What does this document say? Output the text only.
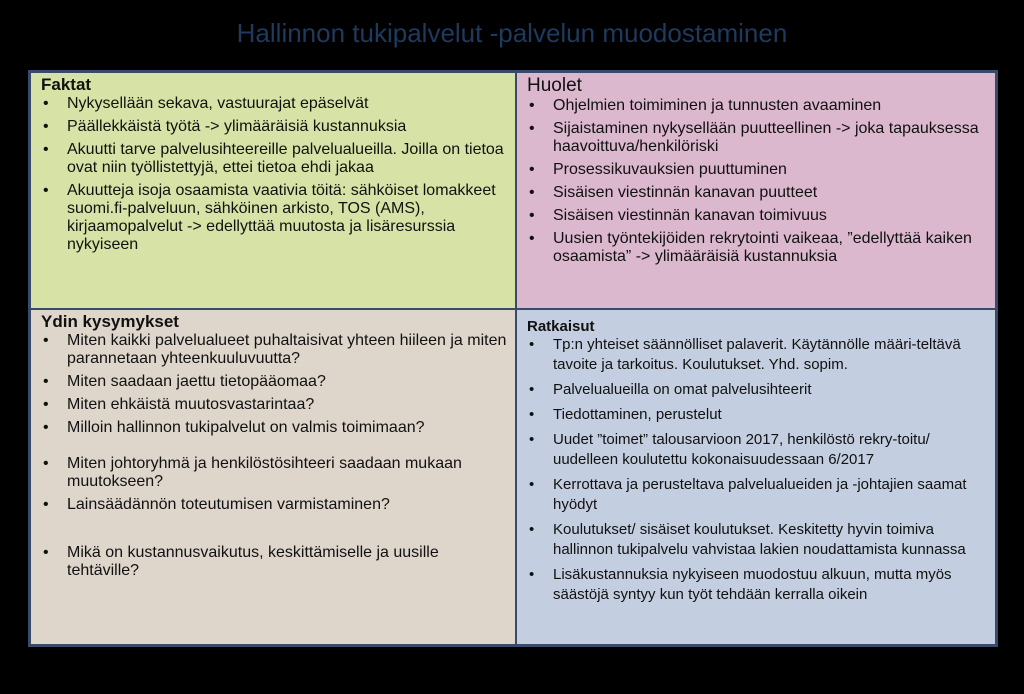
Hallinnon tukipalvelut -palvelun muodostaminen
Faktat
• Nykysellään sekava, vastuurajat epäselvät
• Päällekkäistä työtä -> ylimääräisiä kustannuksia
• Akuutti tarve palvelusihteereille palvelualueilla. Joilla on tietoa ovat niin työllistettyjä, ettei tietoa ehdi jakaa
• Akuutteja isoja osaamista vaativia töitä: sähköiset lomakkeet suomi.fi-palveluun, sähköinen arkisto, TOS (AMS), kirjaamopalvelut -> edellyttää muutosta ja lisäresurssia nykyiseen
Huolet
• Ohjelmien toimiminen ja tunnusten avaaminen
• Sijaistaminen nykysellään puutteellinen -> joka tapauksessa haavoittuva/henkilöriski
• Prosessikuvauksien puuttuminen
• Sisäisen viestinnän kanavan puutteet
• Sisäisen viestinnän kanavan toimivuus
• Uusien työntekijöiden rekrytointi vaikeaa, ”edellyttää kaiken osaamista” -> ylimääräisiä kustannuksia
Ydin kysymykset
• Miten kaikki palvelualueet puhaltaisivat yhteen hiileen ja miten parannetaan yhteenkuuluvuutta?
• Miten saadaan jaettu tietopääomaa?
• Miten ehkäistä muutosvastarintaa?
• Milloin hallinnon tukipalvelut on valmis toimimaan?
• Miten johtoryhmä ja henkilöstösihteeri saadaan mukaan muutokseen?
• Lainsäädännön toteutumisen varmistaminen?
• Mikä on kustannusvaikutus, keskittämiselle ja uusille tehtäville?
Ratkaisut
• Tp:n yhteiset säännölliset palaverit. Käytännölle määri-teltävä tavoite ja tarkoitus. Koulutukset. Yhd. sopim.
• Palvelualueilla on omat palvelusihteerit
• Tiedottaminen, perustelut
• Uudet ”toimet” talousarvioon 2017, henkilöstö rekry-toitu/ uudelleen koulutettu kokonaisuudessaan 6/2017
• Kerrottava ja perusteltava palvelualueiden ja -johtajien saamat hyödyt
• Koulutukset/ sisäiset koulutukset. Keskitetty hyvin toimiva hallinnon tukipalvelu vahvistaa lakien noudattamista kunnassa
• Lisäkustannuksia nykyiseen muodostuu alkuun, mutta myös säästöjä syntyy kun työt tehdään kerralla oikein
